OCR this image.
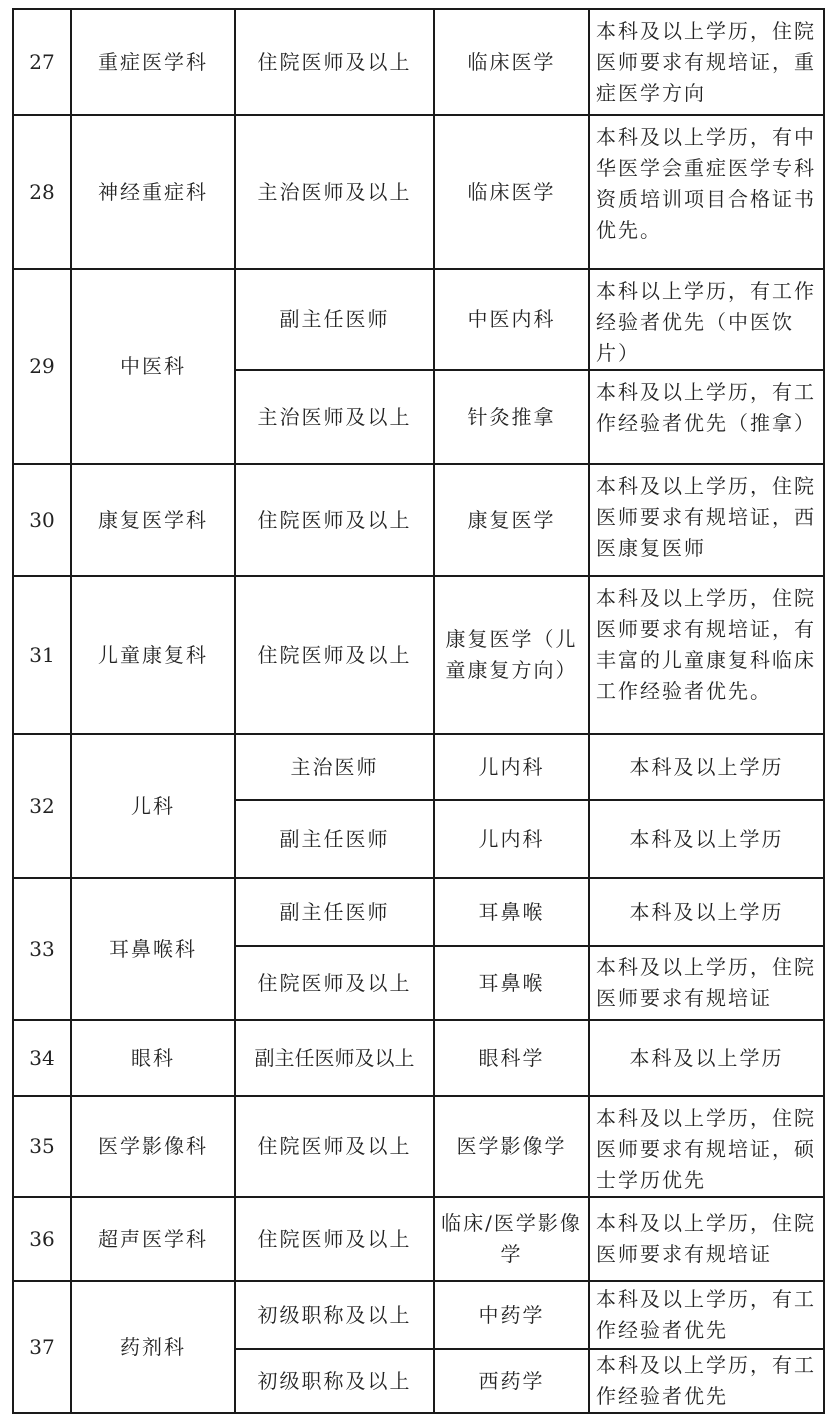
27	重症医学科	住院医师及以上	临床医学	本科及以上学历，住院医师要求有规培证，重症医学方向
28	神经重症科	主治医师及以上	临床医学	本科及以上学历，有中华医学会重症医学专科资质培训项目合格证书优先。
29	中医科	副主任医师	中医内科	本科以上学历，有工作经验者优先（中医饮片）
		主治医师及以上	针灸推拿	本科及以上学历，有工作经验者优先（推拿）
30	康复医学科	住院医师及以上	康复医学	本科及以上学历，住院医师要求有规培证，西医康复医师
31	儿童康复科	住院医师及以上	康复医学（儿童康复方向）	本科及以上学历，住院医师要求有规培证，有丰富的儿童康复科临床工作经验者优先。
32	儿科	主治医师	儿内科	本科及以上学历
		副主任医师	儿内科	本科及以上学历
33	耳鼻喉科	副主任医师	耳鼻喉	本科及以上学历
		住院医师及以上	耳鼻喉	本科及以上学历，住院医师要求有规培证
34	眼科	副主任医师及以上	眼科学	本科及以上学历
35	医学影像科	住院医师及以上	医学影像学	本科及以上学历，住院医师要求有规培证，硕士学历优先
36	超声医学科	住院医师及以上	临床/医学影像学	本科及以上学历，住院医师要求有规培证
37	药剂科	初级职称及以上	中药学	本科及以上学历，有工作经验者优先
		初级职称及以上	西药学	本科及以上学历，有工作经验者优先
